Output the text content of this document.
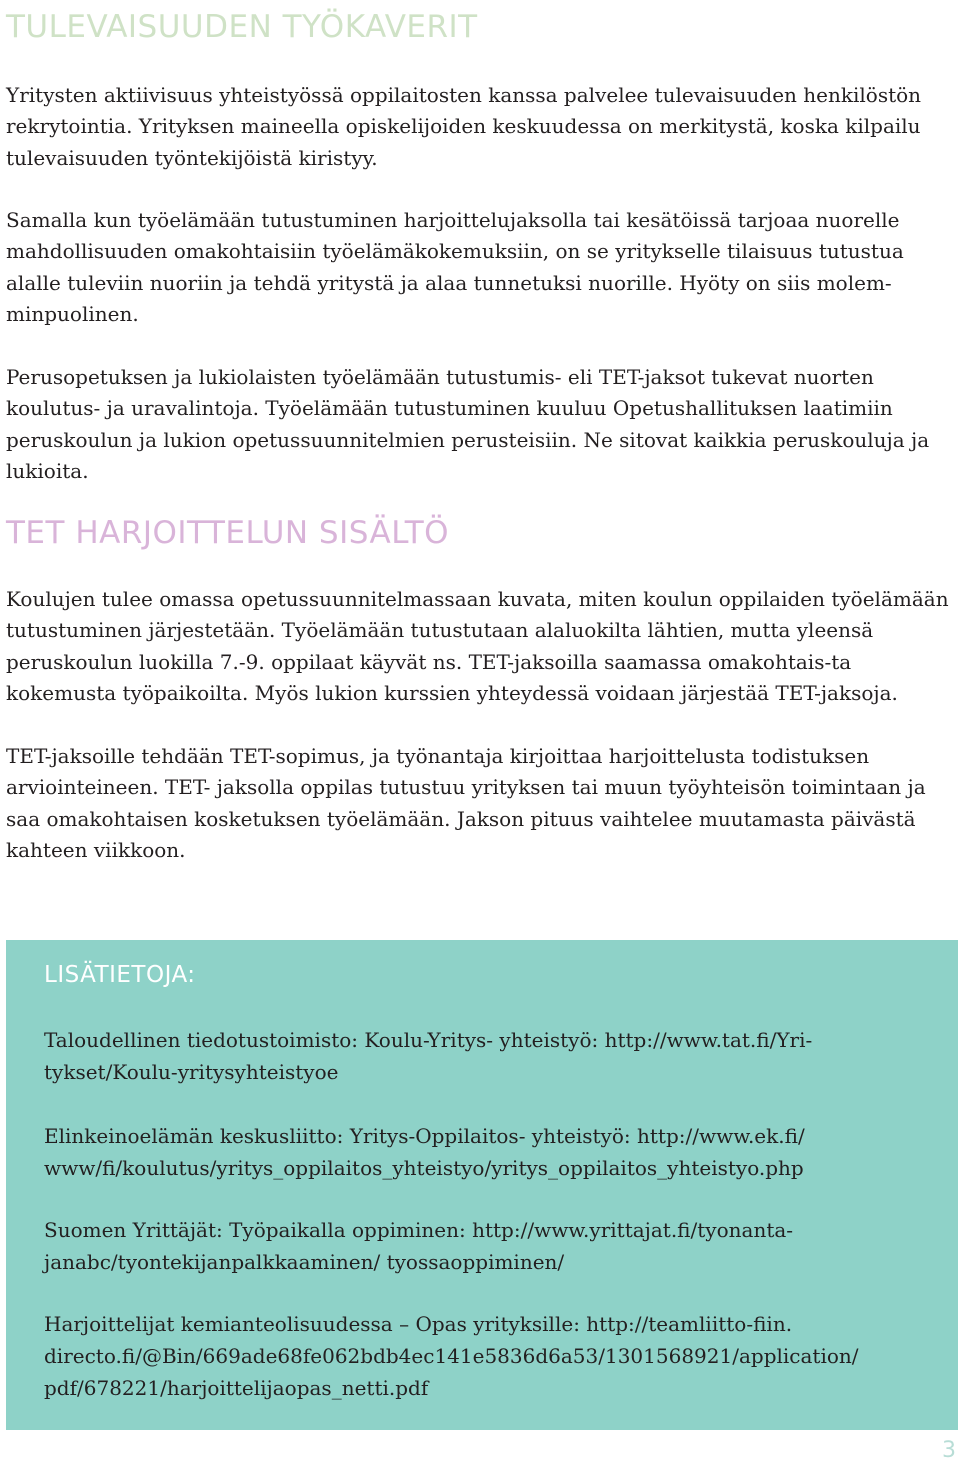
TULEVAISUUDEN TYÖKAVERIT

Yritysten aktiivisuus yhteistyössä oppilaitosten kanssa palvelee tulevaisuuden henkilöstön rekrytointia. Yrityksen maineella opiskelijoiden keskuudessa on merkitystä, koska kilpailu tulevaisuuden työntekijöistä kiristyy.

Samalla kun työelämään tutustuminen harjoittelujaksolla tai kesätöissä tarjoaa nuorelle mahdollisuuden omakohtaisiin työelämäkokemuksiin, on se yritykselle tilaisuus tutustua alalle tuleviin nuoriin ja tehdä yritystä ja alaa tunnetuksi nuorille. Hyöty on siis molem-minpuolinen.

Perusopetuksen ja lukiolaisten työelämään tutustumis- eli TET-jaksot tukevat nuorten koulutus- ja uravalintoja. Työelämään tutustuminen kuuluu Opetushallituksen laatimiin peruskoulun ja lukion opetussuunnitelmien perusteisiin. Ne sitovat kaikkia peruskouluja ja lukioita.

TET HARJOITTELUN SISÄLTÖ

Koulujen tulee omassa opetussuunnitelmassaan kuvata, miten koulun oppilaiden työelämään tutustuminen järjestetään. Työelämään tutustutaan alaluokilta lähtien, mutta yleensä peruskoulun luokilla 7.-9. oppilaat käyvät ns. TET-jaksoilla saamassa omakohtais-ta kokemusta työpaikoilta. Myös lukion kurssien yhteydessä voidaan järjestää TET-jaksoja.

TET-jaksoille tehdään TET-sopimus, ja työnantaja kirjoittaa harjoittelusta todistuksen arviointeineen. TET- jaksolla oppilas tutustuu yrityksen tai muun työyhteisön toimintaan ja saa omakohtaisen kosketuksen työelämään. Jakson pituus vaihtelee muutamasta päivästä kahteen viikkoon.

LISÄTIETOJA:

Taloudellinen tiedotustoimisto: Koulu-Yritys- yhteistyö: http://www.tat.fi/Yri-tykset/Koulu-yritysyhteistyoe

Elinkeinoelämän keskusliitto: Yritys-Oppilaitos- yhteistyö: http://www.ek.fi/ www/fi/koulutus/yritys_oppilaitos_yhteistyo/yritys_oppilaitos_yhteistyo.php

Suomen Yrittäjät: Työpaikalla oppiminen: http://www.yrittajat.fi/tyonanta-janabc/tyontekijanpalkkaaminen/ tyossaoppiminen/

Harjoittelijat kemianteolisuudessa – Opas yrityksille: http://teamliitto-fiin. directo.fi/@Bin/669ade68fe062bdb4ec141e5836d6a53/1301568921/application/ pdf/678221/harjoittelijaopas_netti.pdf

3
